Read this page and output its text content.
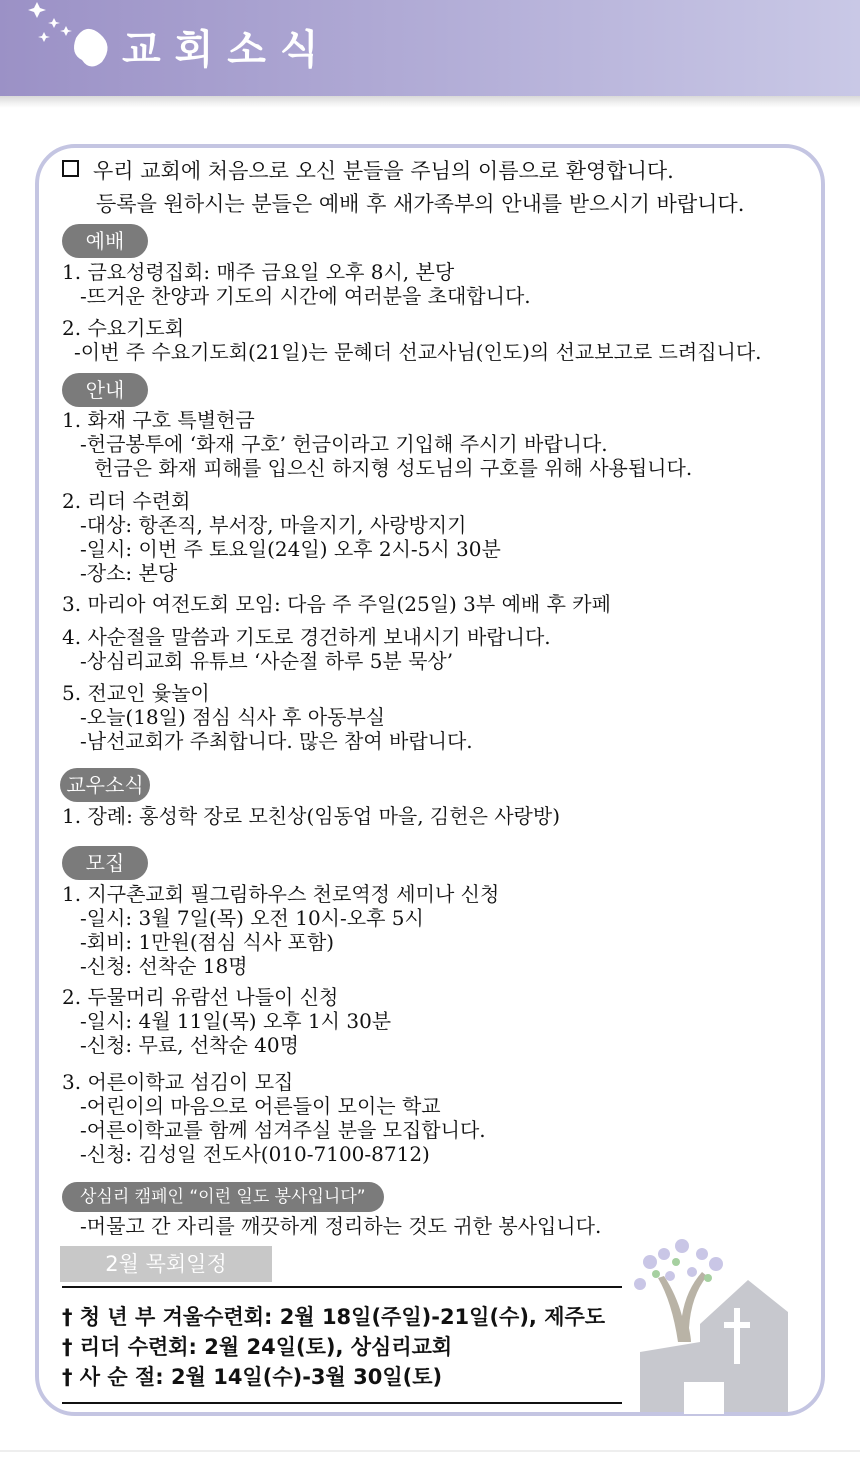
교회소식
우리 교회에 처음으로 오신 분들을 주님의 이름으로 환영합니다.
등록을 원하시는 분들은 예배 후 새가족부의 안내를 받으시기 바랍니다.
예배
1. 금요성령집회: 매주 금요일 오후 8시, 본당
-뜨거운 찬양과 기도의 시간에 여러분을 초대합니다.
2. 수요기도회
-이번 주 수요기도회(21일)는 문혜더 선교사님(인도)의 선교보고로 드려집니다.
안내
1. 화재 구호 특별헌금
-헌금봉투에 ‘화재 구호’ 헌금이라고 기입해 주시기 바랍니다.
헌금은 화재 피해를 입으신 하지형 성도님의 구호를 위해 사용됩니다.
2. 리더 수련회
-대상: 항존직, 부서장, 마을지기, 사랑방지기
-일시: 이번 주 토요일(24일) 오후 2시-5시 30분
-장소: 본당
3. 마리아 여전도회 모임: 다음 주 주일(25일) 3부 예배 후 카페
4. 사순절을 말씀과 기도로 경건하게 보내시기 바랍니다.
-상심리교회 유튜브 ‘사순절 하루 5분 묵상’
5. 전교인 윷놀이
-오늘(18일) 점심 식사 후 아동부실
-남선교회가 주최합니다. 많은 참여 바랍니다.
교우소식
1. 장례: 홍성학 장로 모친상(임동업 마을, 김헌은 사랑방)
모집
1. 지구촌교회 필그림하우스 천로역정 세미나 신청
-일시: 3월 7일(목) 오전 10시-오후 5시
-회비: 1만원(점심 식사 포함)
-신청: 선착순 18명
2. 두물머리 유람선 나들이 신청
-일시: 4월 11일(목) 오후 1시 30분
-신청: 무료, 선착순 40명
3. 어른이학교 섬김이 모집
-어린이의 마음으로 어른들이 모이는 학교
-어른이학교를 함께 섬겨주실 분을 모집합니다.
-신청: 김성일 전도사(010-7100-8712)
상심리 캠페인 “이런 일도 봉사입니다”
-머물고 간 자리를 깨끗하게 정리하는 것도 귀한 봉사입니다.
2월 목회일정
† 청 년 부 겨울수련회: 2월 18일(주일)-21일(수), 제주도
† 리더 수련회: 2월 24일(토), 상심리교회
† 사 순 절: 2월 14일(수)-3월 30일(토)
